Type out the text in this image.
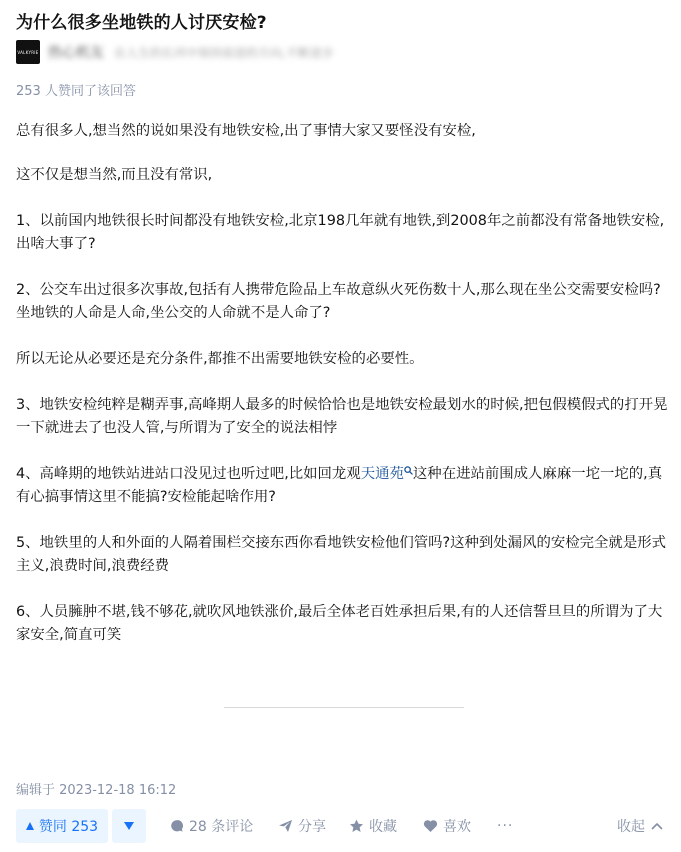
为什么很多坐地铁的人讨厌安检?
VALKYRIE 热心机友 在人生的长河中保持前进的方向,不断进步
253 人赞同了该回答

总有很多人,想当然的说如果没有地铁安检,出了事情大家又要怪没有安检,

这不仅是想当然,而且没有常识,

1、以前国内地铁很长时间都没有地铁安检,北京198几年就有地铁,到2008年之前都没有常备地铁安检,出啥大事了?

2、公交车出过很多次事故,包括有人携带危险品上车故意纵火死伤数十人,那么现在坐公交需要安检吗?坐地铁的人命是人命,坐公交的人命就不是人命了?

所以无论从必要还是充分条件,都推不出需要地铁安检的必要性。

3、地铁安检纯粹是糊弄事,高峰期人最多的时候恰恰也是地铁安检最划水的时候,把包假模假式的打开晃一下就进去了也没人管,与所谓为了安全的说法相悖

4、高峰期的地铁站进站口没见过也听过吧,比如回龙观天通苑 这种在进站前围成人麻麻一坨一坨的,真有心搞事情这里不能搞?安检能起啥作用?

5、地铁里的人和外面的人隔着围栏交接东西你看地铁安检他们管吗?这种到处漏风的安检完全就是形式主义,浪费时间,浪费经费

6、人员臃肿不堪,钱不够花,就吹风地铁涨价,最后全体老百姓承担后果,有的人还信誓旦旦的所谓为了大家安全,简直可笑

编辑于 2023-12-18 16:12
赞同 253	28 条评论	分享	收藏	喜欢 ···	收起
